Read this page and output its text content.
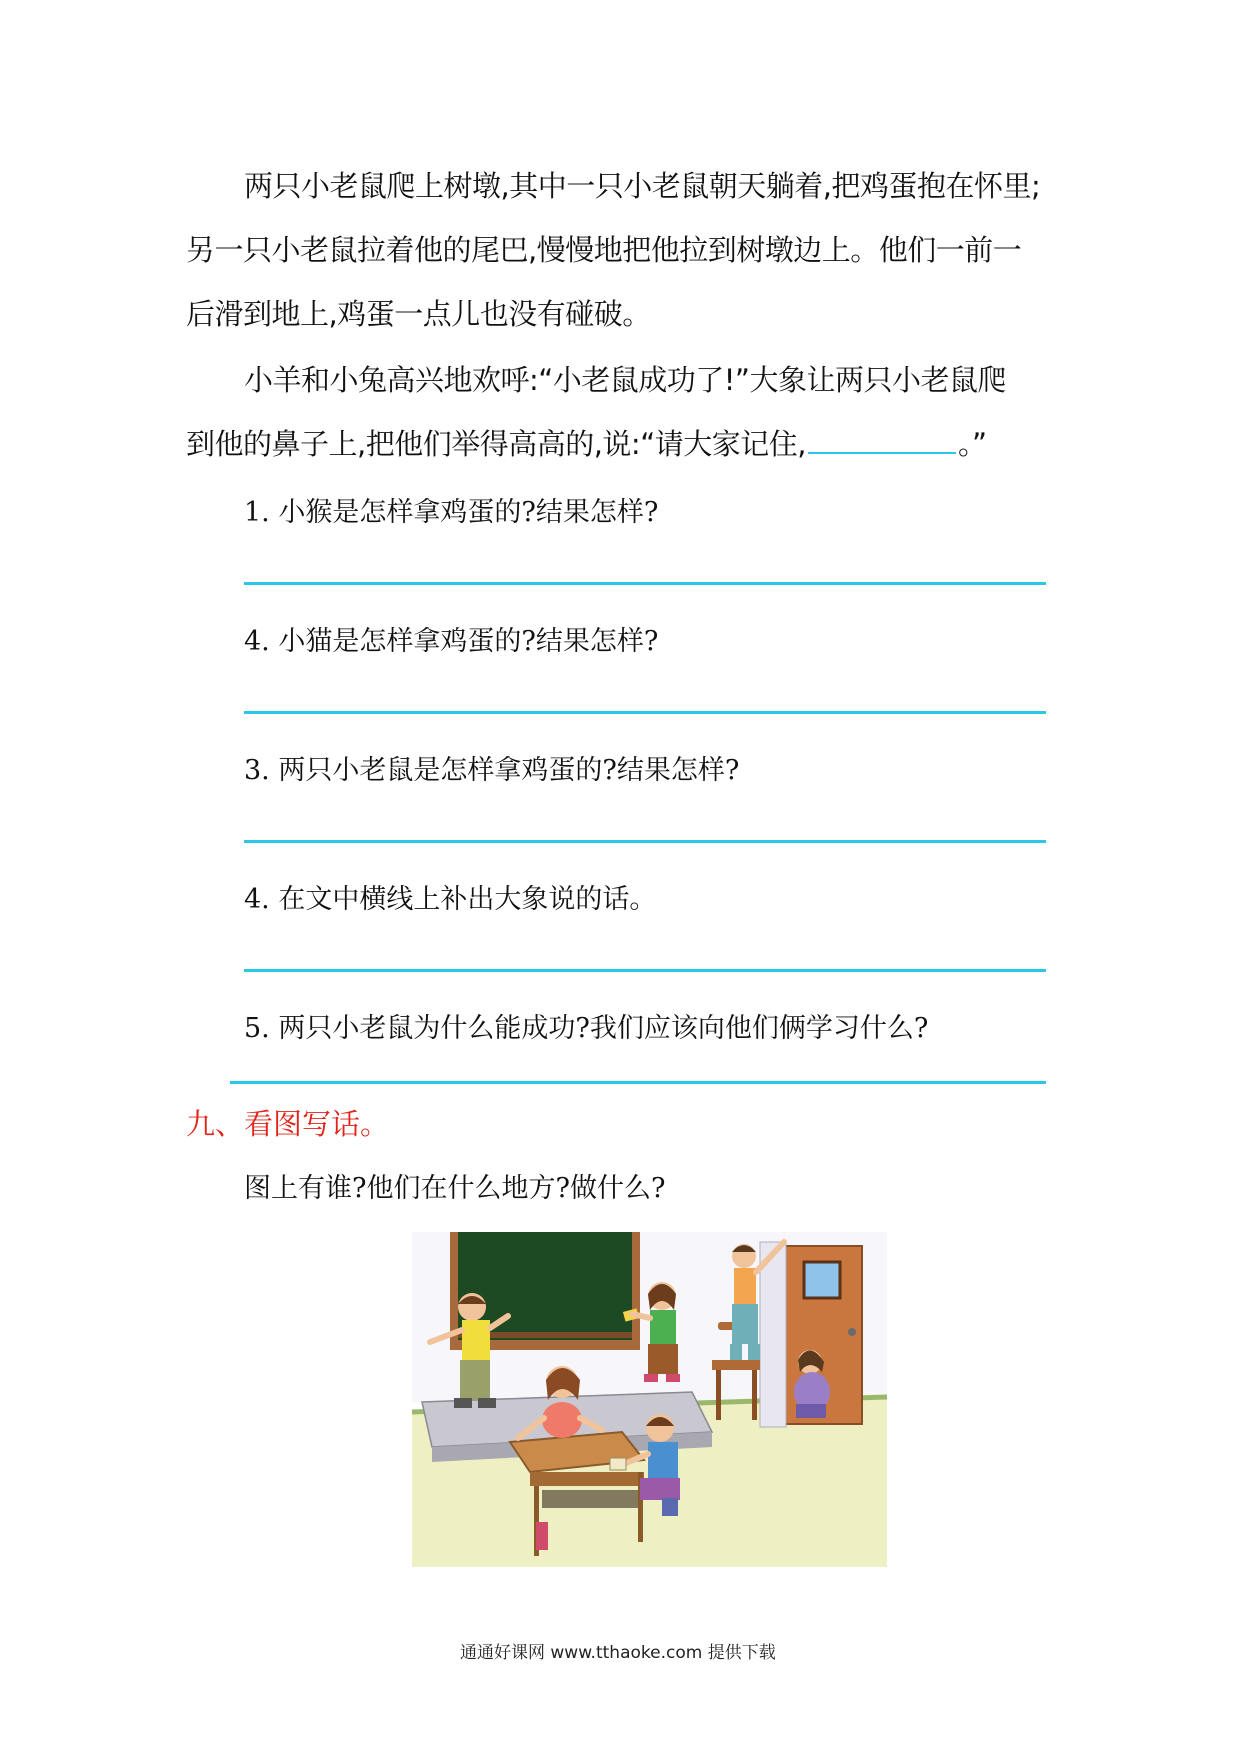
两只小老鼠爬上树墩,其中一只小老鼠朝天躺着,把鸡蛋抱在怀里;
另一只小老鼠拉着他的尾巴,慢慢地把他拉到树墩边上。他们一前一
后滑到地上,鸡蛋一点儿也没有碰破。
小羊和小兔高兴地欢呼:“小老鼠成功了!”大象让两只小老鼠爬
到他的鼻子上,把他们举得高高的,说:“请大家记住,	。”
1. 小猴是怎样拿鸡蛋的?结果怎样?
4. 小猫是怎样拿鸡蛋的?结果怎样?
3. 两只小老鼠是怎样拿鸡蛋的?结果怎样?
4. 在文中横线上补出大象说的话。
5. 两只小老鼠为什么能成功?我们应该向他们俩学习什么?
九、看图写话。
图上有谁?他们在什么地方?做什么?
通通好课网 www.tthaoke.com 提供下载
